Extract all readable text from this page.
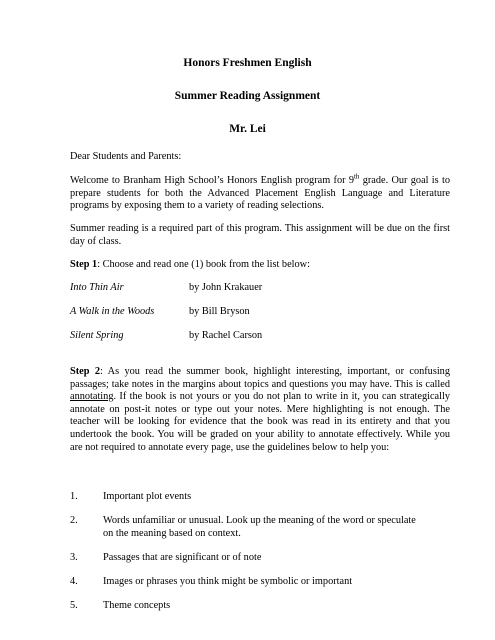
Honors Freshmen English
Summer Reading Assignment
Mr. Lei
Dear Students and Parents:
Welcome to Branham High School’s Honors English program for 9th grade. Our goal is to prepare students for both the Advanced Placement English Language and Literature programs by exposing them to a variety of reading selections.
Summer reading is a required part of this program. This assignment will be due on the first day of class.
Step 1: Choose and read one (1) book from the list below:
Into Thin Air	by John Krakauer
A Walk in the Woods	by Bill Bryson
Silent Spring	by Rachel Carson
Step 2: As you read the summer book, highlight interesting, important, or confusing passages; take notes in the margins about topics and questions you may have. This is called annotating. If the book is not yours or you do not plan to write in it, you can strategically annotate on post-it notes or type out your notes. Mere highlighting is not enough. The teacher will be looking for evidence that the book was read in its entirety and that you undertook the book. You will be graded on your ability to annotate effectively. While you are not required to annotate every page, use the guidelines below to help you:
1. Important plot events
2. Words unfamiliar or unusual. Look up the meaning of the word or speculate on the meaning based on context.
3. Passages that are significant or of note
4. Images or phrases you think might be symbolic or important
5. Theme concepts
